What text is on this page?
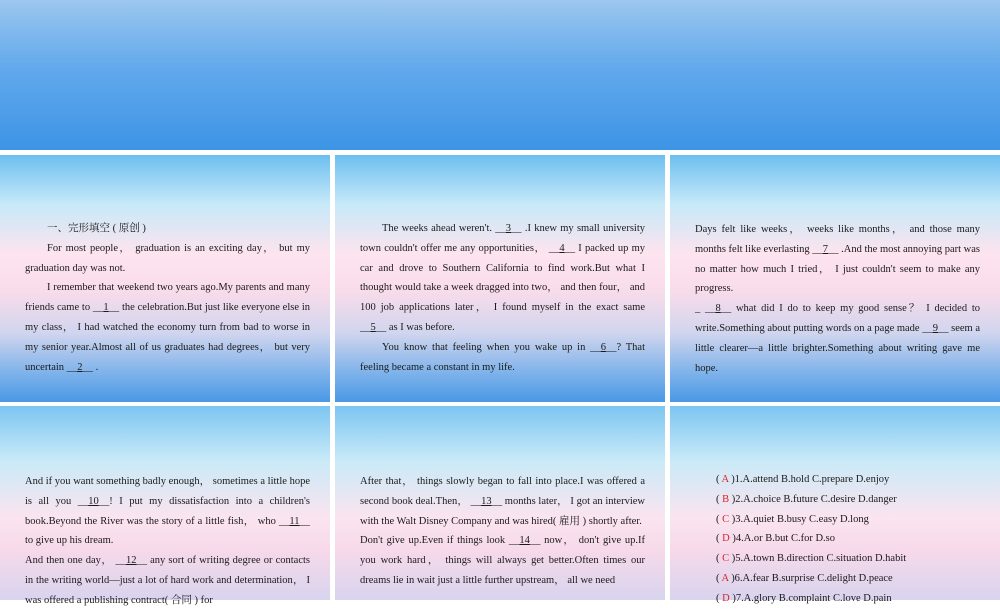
一、完形填空 ( 原创 )

For most people， graduation is an exciting day， but my graduation day was not.

I remember that weekend two years ago.My parents and many friends came to __1__ the celebration.But just like everyone else in my class， I had watched the economy turn from bad to worse in my senior year.Almost all of us graduates had degrees， but very uncertain __2__ .

The weeks ahead weren't. __3__ .I knew my small university town couldn't offer me any opportunities， __4__ I packed up my car and drove to Southern California to find work.But what I thought would take a week dragged into two， and then four， and 100 job applications later， I found myself in the exact same __5__ as I was before.

You know that feeling when you wake up in __6__? That feeling became a constant in my life.

Days felt like weeks， weeks like months， and those many months felt like everlasting __7__ .And the most annoying part was no matter how much I tried， I just couldn't seem to make any progress.

_ __8__ what did I do to keep my good sense？ I decided to write.Something about putting words on a page made __9__ seem a little clearer—a little brighter.Something about writing gave me hope.

And if you want something badly enough， sometimes a little hope is all you __10__! I put my dissatisfaction into a children's book.Beyond the River was the story of a little fish， who __11__ to give up his dream.

And then one day， __12__ any sort of writing degree or contacts in the writing world—just a lot of hard work and determination， I was offered a publishing contract( 合同 ) for

After that， things slowly began to fall into place.I was offered a second book deal.Then， __13__ months later， I got an interview with the Walt Disney Company and was hired( 雇用 ) shortly after.

Don't give up.Even if things look __14__ now， don't give up.If you work hard， things will always get better.Often times our dreams lie in wait just a little further upstream， all we need

( A )1.A.attend B.hold C.prepare D.enjoy
( B )2.A.choice B.future C.desire D.danger
( C )3.A.quiet B.busy C.easy D.long
( D )4.A.or B.but C.for D.so
( C )5.A.town B.direction C.situation D.habit
( A )6.A.fear B.surprise C.delight D.peace
( D )7.A.glory B.complaint C.love D.pain
